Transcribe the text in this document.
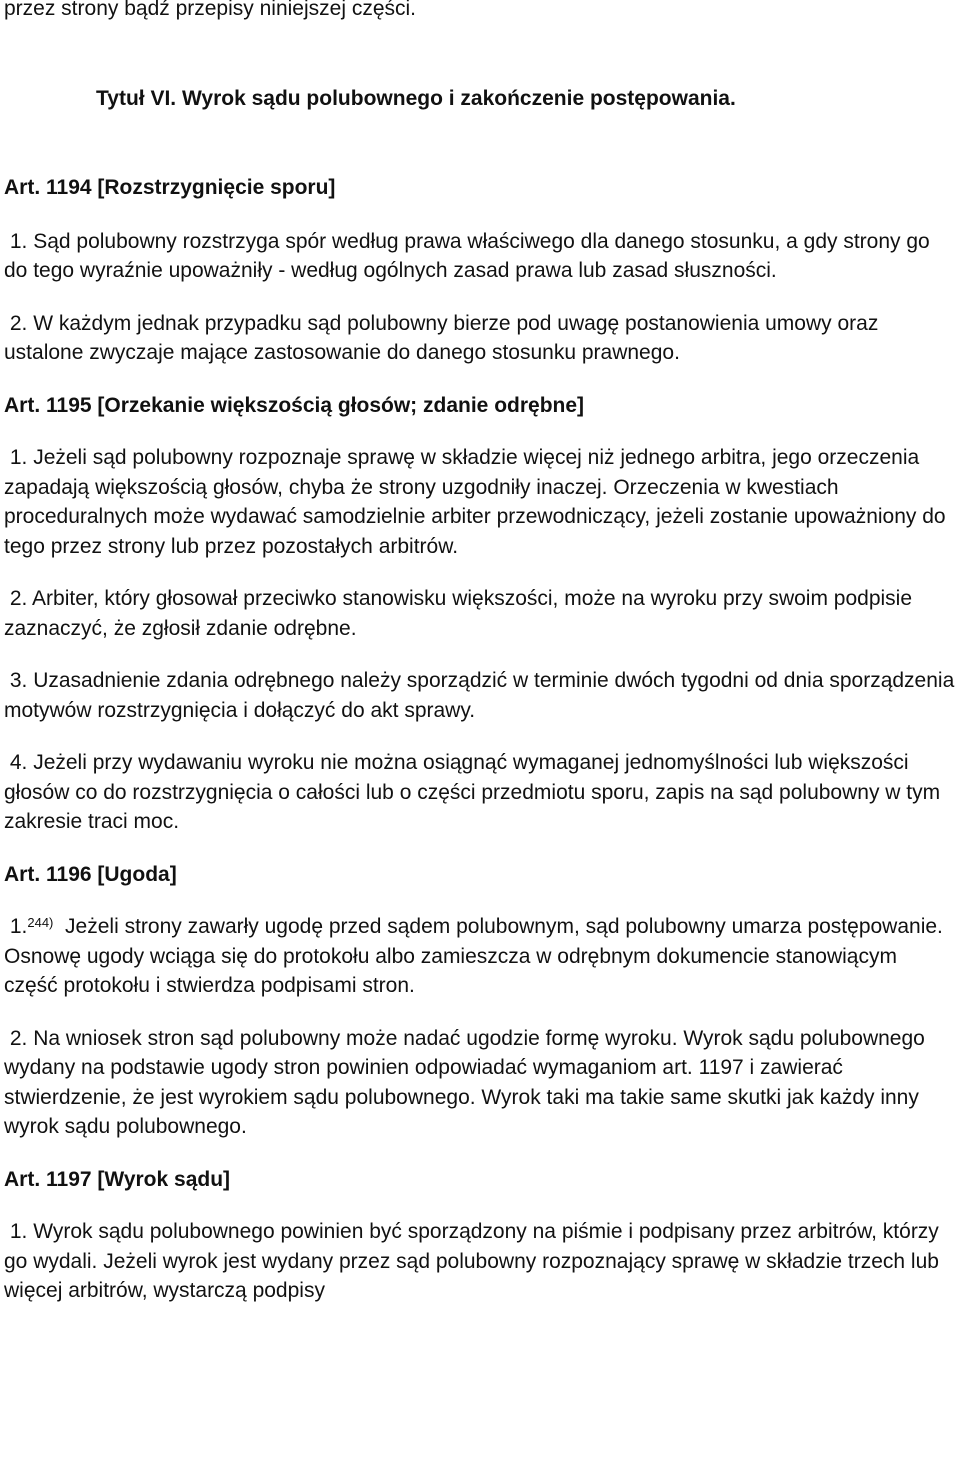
przez strony bądź przepisy niniejszej części.

Tytuł VI. Wyrok sądu polubownego i zakończenie postępowania.

Art. 1194 [Rozstrzygnięcie sporu]

1. Sąd polubowny rozstrzyga spór według prawa właściwego dla danego stosunku, a gdy strony go do tego wyraźnie upoważniły - według ogólnych zasad prawa lub zasad słuszności.

2. W każdym jednak przypadku sąd polubowny bierze pod uwagę postanowienia umowy oraz ustalone zwyczaje mające zastosowanie do danego stosunku prawnego.

Art. 1195 [Orzekanie większością głosów; zdanie odrębne]

1. Jeżeli sąd polubowny rozpoznaje sprawę w składzie więcej niż jednego arbitra, jego orzeczenia zapadają większością głosów, chyba że strony uzgodniły inaczej. Orzeczenia w kwestiach proceduralnych może wydawać samodzielnie arbiter przewodniczący, jeżeli zostanie upoważniony do tego przez strony lub przez pozostałych arbitrów.

2. Arbiter, który głosował przeciwko stanowisku większości, może na wyroku przy swoim podpisie zaznaczyć, że zgłosił zdanie odrębne.

3. Uzasadnienie zdania odrębnego należy sporządzić w terminie dwóch tygodni od dnia sporządzenia motywów rozstrzygnięcia i dołączyć do akt sprawy.

4. Jeżeli przy wydawaniu wyroku nie można osiągnąć wymaganej jednomyślności lub większości głosów co do rozstrzygnięcia o całości lub o części przedmiotu sporu, zapis na sąd polubowny w tym zakresie traci moc.

Art. 1196 [Ugoda]

1.$^{244)}$  Jeżeli strony zawarły ugodę przed sądem polubownym, sąd polubowny umarza postępowanie. Osnowę ugody wciąga się do protokołu albo zamieszcza w odrębnym dokumencie stanowiącym część protokołu i stwierdza podpisami stron.

2. Na wniosek stron sąd polubowny może nadać ugodzie formę wyroku. Wyrok sądu polubownego wydany na podstawie ugody stron powinien odpowiadać wymaganiom art. 1197 i zawierać stwierdzenie, że jest wyrokiem sądu polubownego. Wyrok taki ma takie same skutki jak każdy inny wyrok sądu polubownego.

Art. 1197 [Wyrok sądu]

1. Wyrok sądu polubownego powinien być sporządzony na piśmie i podpisany przez arbitrów, którzy go wydali. Jeżeli wyrok jest wydany przez sąd polubowny rozpoznający sprawę w składzie trzech lub więcej arbitrów, wystarczą podpisy
